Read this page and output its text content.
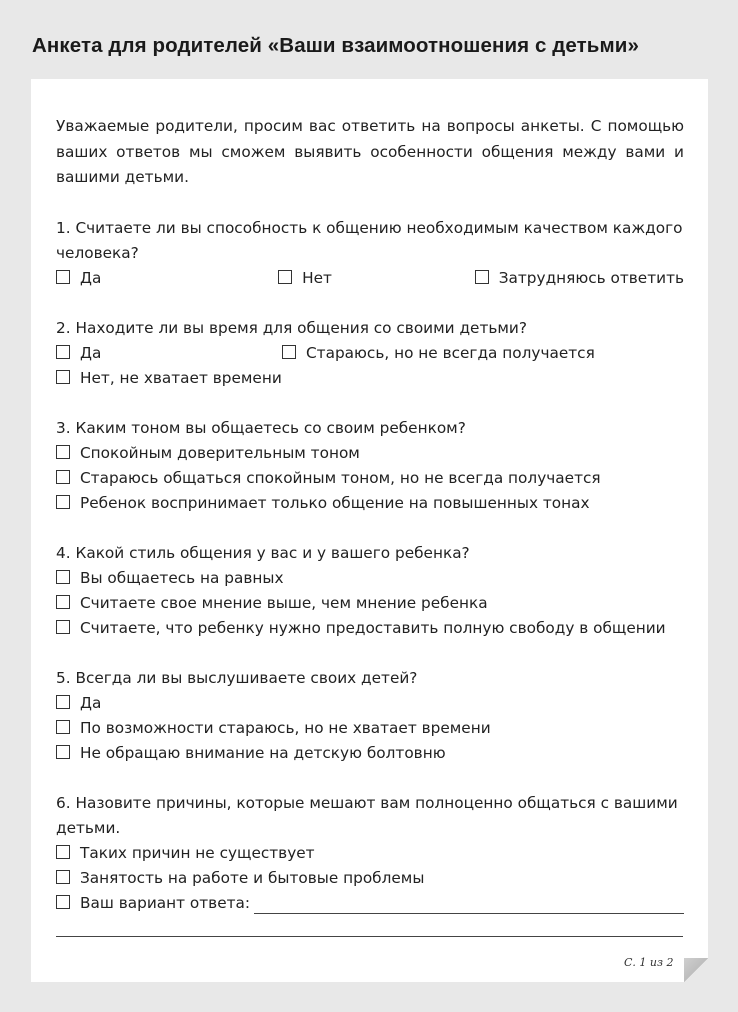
Анкета для родителей «Ваши взаимоотношения с детьми»

Уважаемые родители, просим вас ответить на вопросы анкеты. С помощью ваших ответов мы сможем выявить особенности общения между вами и вашими детьми.

1. Считаете ли вы способность к общению необходимым качеством каждого человека?

Да	Нет	Затрудняюсь ответить

2. Находите ли вы время для общения со своими детьми?

Да	Стараюсь, но не всегда получается
Нет, не хватает времени

3. Каким тоном вы общаетесь со своим ребенком?

Спокойным доверительным тоном
Стараюсь общаться спокойным тоном, но не всегда получается
Ребенок воспринимает только общение на повышенных тонах

4. Какой стиль общения у вас и у вашего ребенка?

Вы общаетесь на равных
Считаете свое мнение выше, чем мнение ребенка
Считаете, что ребенку нужно предоставить полную свободу в общении

5. Всегда ли вы выслушиваете своих детей?

Да
По возможности стараюсь, но не хватает времени
Не обращаю внимание на детскую болтовню

6. Назовите причины, которые мешают вам полноценно общаться с вашими детьми.

Таких причин не существует
Занятость на работе и бытовые проблемы
Ваш вариант ответа:
С. 1 из 2
